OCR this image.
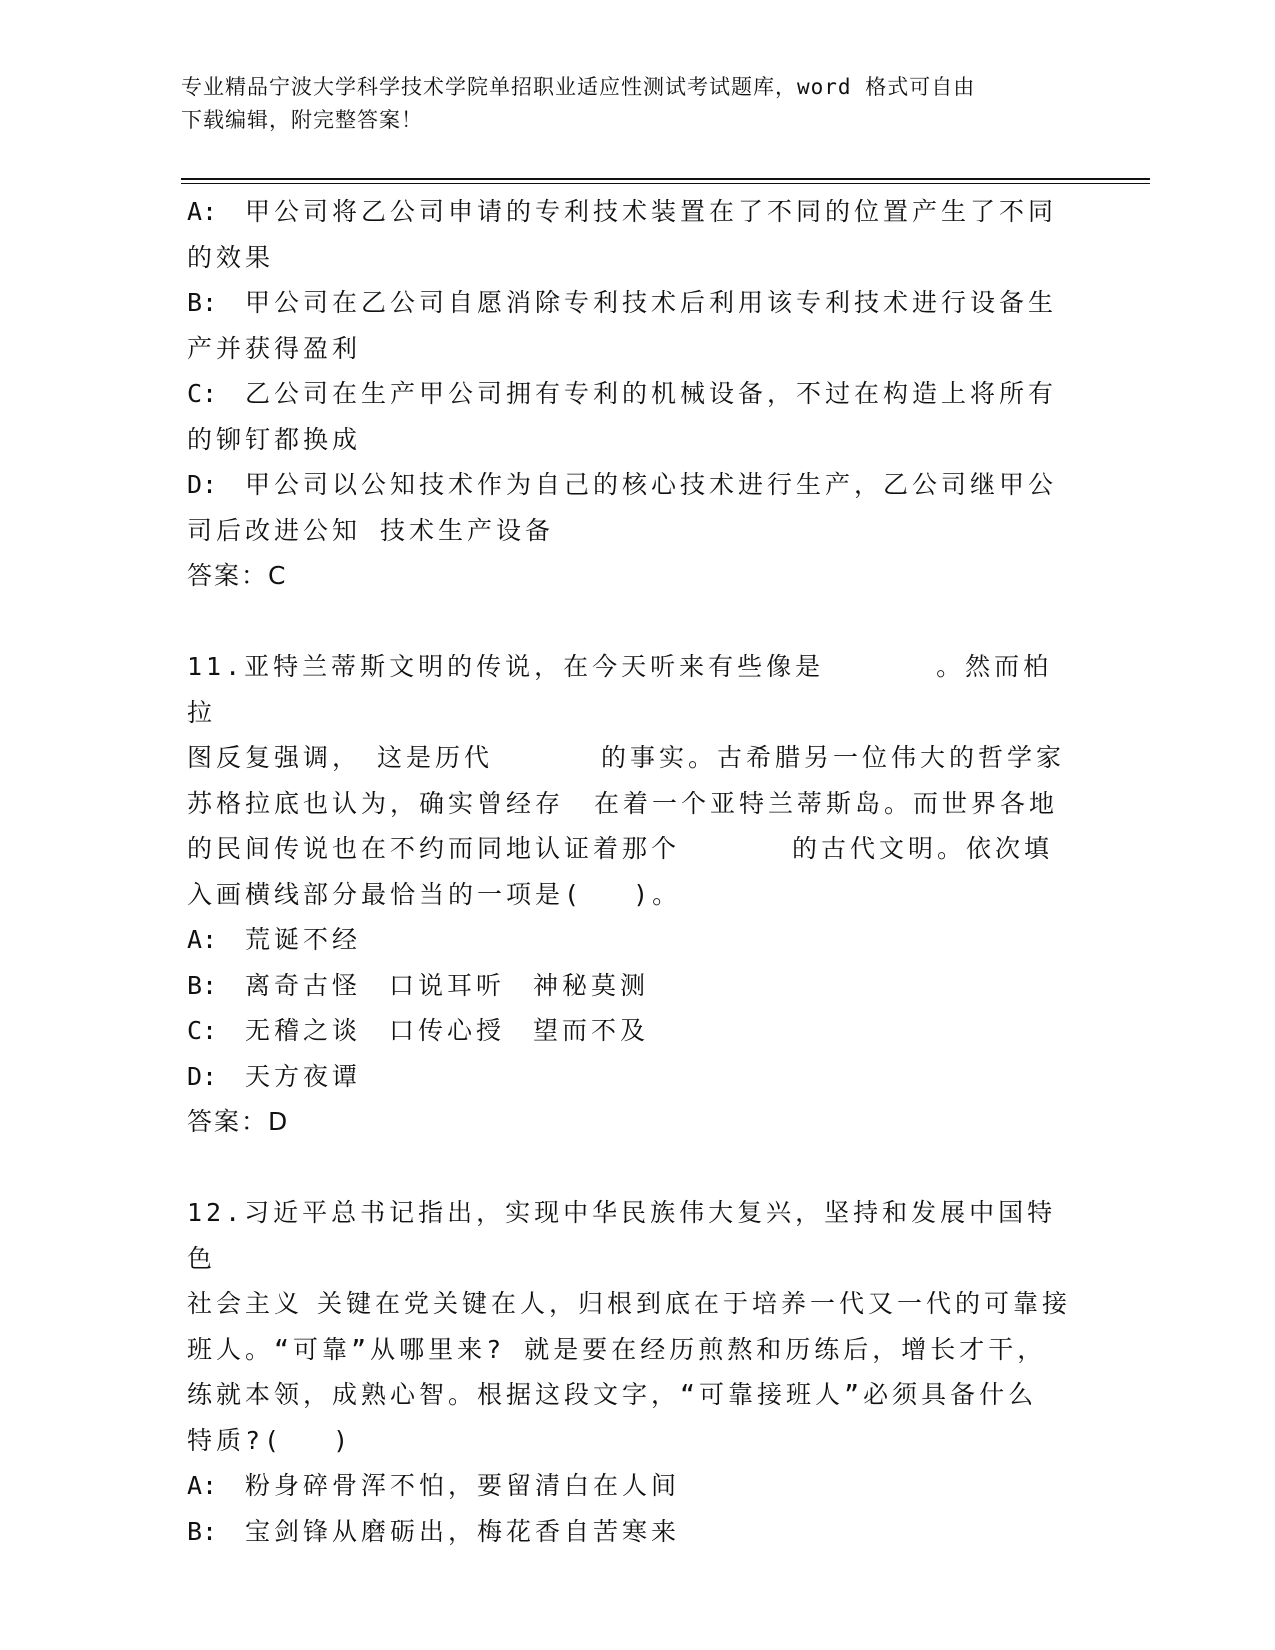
专业精品宁波大学科学技术学院单招职业适应性测试考试题库，word 格式可自由
下载编辑，附完整答案！
A:	甲公司将乙公司申请的专利技术装置在了不同的位置产生了不同
的效果
B:	甲公司在乙公司自愿消除专利技术后利用该专利技术进行设备生
产并获得盈利
C:	乙公司在生产甲公司拥有专利的机械设备，不过在构造上将所有
的铆钉都换成
D:	甲公司以公知技术作为自己的核心技术进行生产，乙公司继甲公
司后改进公知 技术生产设备
答案：C
11.亚特兰蒂斯文明的传说，在今天听来有些像是	。然而柏拉
图反复强调， 这是历代	的事实。古希腊另一位伟大的哲学家
苏格拉底也认为，确实曾经存 在着一个亚特兰蒂斯岛。而世界各地
的民间传说也在不约而同地认证着那个	的古代文明。依次填
入画横线部分最恰当的一项是( )。
A:	荒诞不经
B:	离奇古怪 口说耳听 神秘莫测
C:	无稽之谈 口传心授 望而不及
D:	天方夜谭
答案：D
12.习近平总书记指出，实现中华民族伟大复兴，坚持和发展中国特色
社会主义 关键在党关键在人，归根到底在于培养一代又一代的可靠接
班人。“可靠”从哪里来? 就是要在经历煎熬和历练后，增长才干，
练就本领，成熟心智。根据这段文字，“可靠接班人”必须具备什么
特质?( )
A:	粉身碎骨浑不怕，要留清白在人间
B:	宝剑锋从磨砺出，梅花香自苦寒来
